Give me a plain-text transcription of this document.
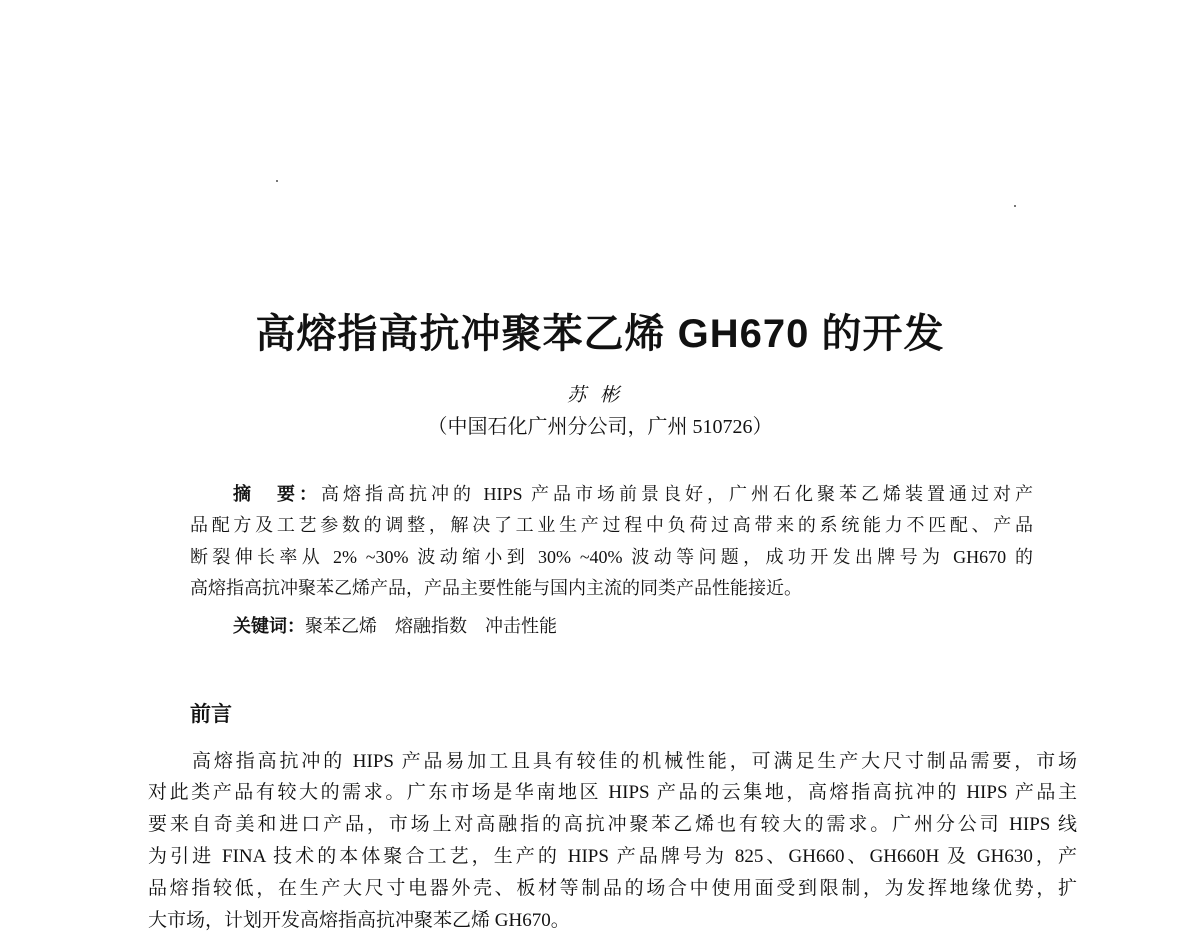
高熔指高抗冲聚苯乙烯 GH670 的开发
苏彬
（中国石化广州分公司，广州 510726）
摘　要：高熔指高抗冲的 HIPS 产品市场前景良好，广州石化聚苯乙烯装置通过对产
品配方及工艺参数的调整，解决了工业生产过程中负荷过高带来的系统能力不匹配、产品
断裂伸长率从 2% ~30% 波动缩小到 30% ~40% 波动等问题，成功开发出牌号为 GH670 的
高熔指高抗冲聚苯乙烯产品，产品主要性能与国内主流的同类产品性能接近。
关键词：聚苯乙烯　熔融指数　冲击性能
前言
高熔指高抗冲的 HIPS 产品易加工且具有较佳的机械性能，可满足生产大尺寸制品需要，市场
对此类产品有较大的需求。广东市场是华南地区 HIPS 产品的云集地，高熔指高抗冲的 HIPS 产品主
要来自奇美和进口产品，市场上对高融指的高抗冲聚苯乙烯也有较大的需求。广州分公司 HIPS 线
为引进 FINA 技术的本体聚合工艺，生产的 HIPS 产品牌号为 825、GH660、GH660H 及 GH630，产
品熔指较低，在生产大尺寸电器外壳、板材等制品的场合中使用面受到限制，为发挥地缘优势，扩
大市场，计划开发高熔指高抗冲聚苯乙烯 GH670。
